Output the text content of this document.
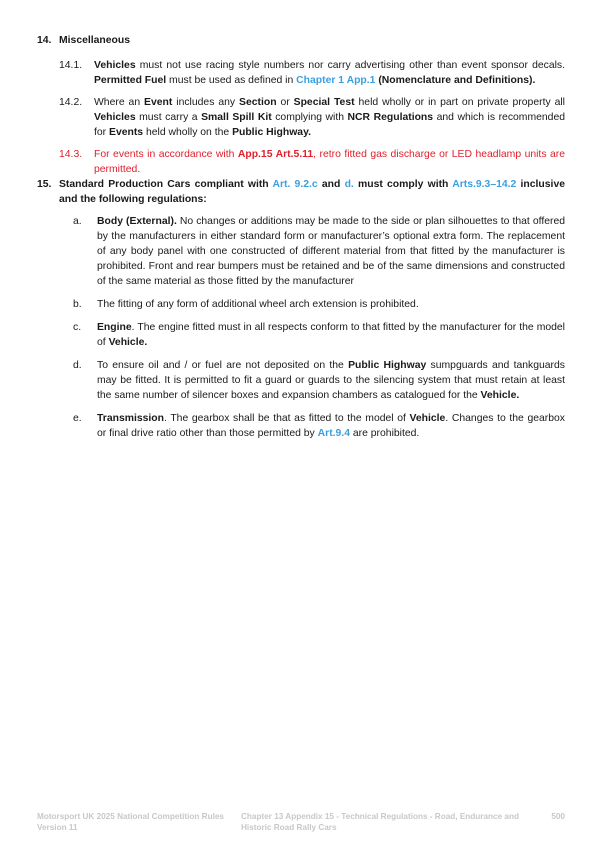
14. Miscellaneous
14.1. Vehicles must not use racing style numbers nor carry advertising other than event sponsor decals. Permitted Fuel must be used as defined in Chapter 1 App.1 (Nomenclature and Definitions).
14.2. Where an Event includes any Section or Special Test held wholly or in part on private property all Vehicles must carry a Small Spill Kit complying with NCR Regulations and which is recommended for Events held wholly on the Public Highway.
14.3. For events in accordance with App.15 Art.5.11, retro fitted gas discharge or LED headlamp units are permitted.
15. Standard Production Cars compliant with Art. 9.2.c and d. must comply with Arts.9.3–14.2 inclusive and the following regulations:
a. Body (External). No changes or additions may be made to the side or plan silhouettes to that offered by the manufacturers in either standard form or manufacturer’s optional extra form. The replacement of any body panel with one constructed of different material from that fitted by the manufacturer is prohibited. Front and rear bumpers must be retained and be of the same dimensions and constructed of the same material as those fitted by the manufacturer
b. The fitting of any form of additional wheel arch extension is prohibited.
c. Engine. The engine fitted must in all respects conform to that fitted by the manufacturer for the model of Vehicle.
d. To ensure oil and / or fuel are not deposited on the Public Highway sumpguards and tankguards may be fitted. It is permitted to fit a guard or guards to the silencing system that must retain at least the same number of silencer boxes and expansion chambers as catalogued for the Vehicle.
e. Transmission. The gearbox shall be that as fitted to the model of Vehicle. Changes to the gearbox or final drive ratio other than those permitted by Art.9.4 are prohibited.
Motorsport UK 2025 National Competition Rules
Version 11
Chapter 13 Appendix 15 - Technical Regulations - Road, Endurance and
Historic Road Rally Cars
500
